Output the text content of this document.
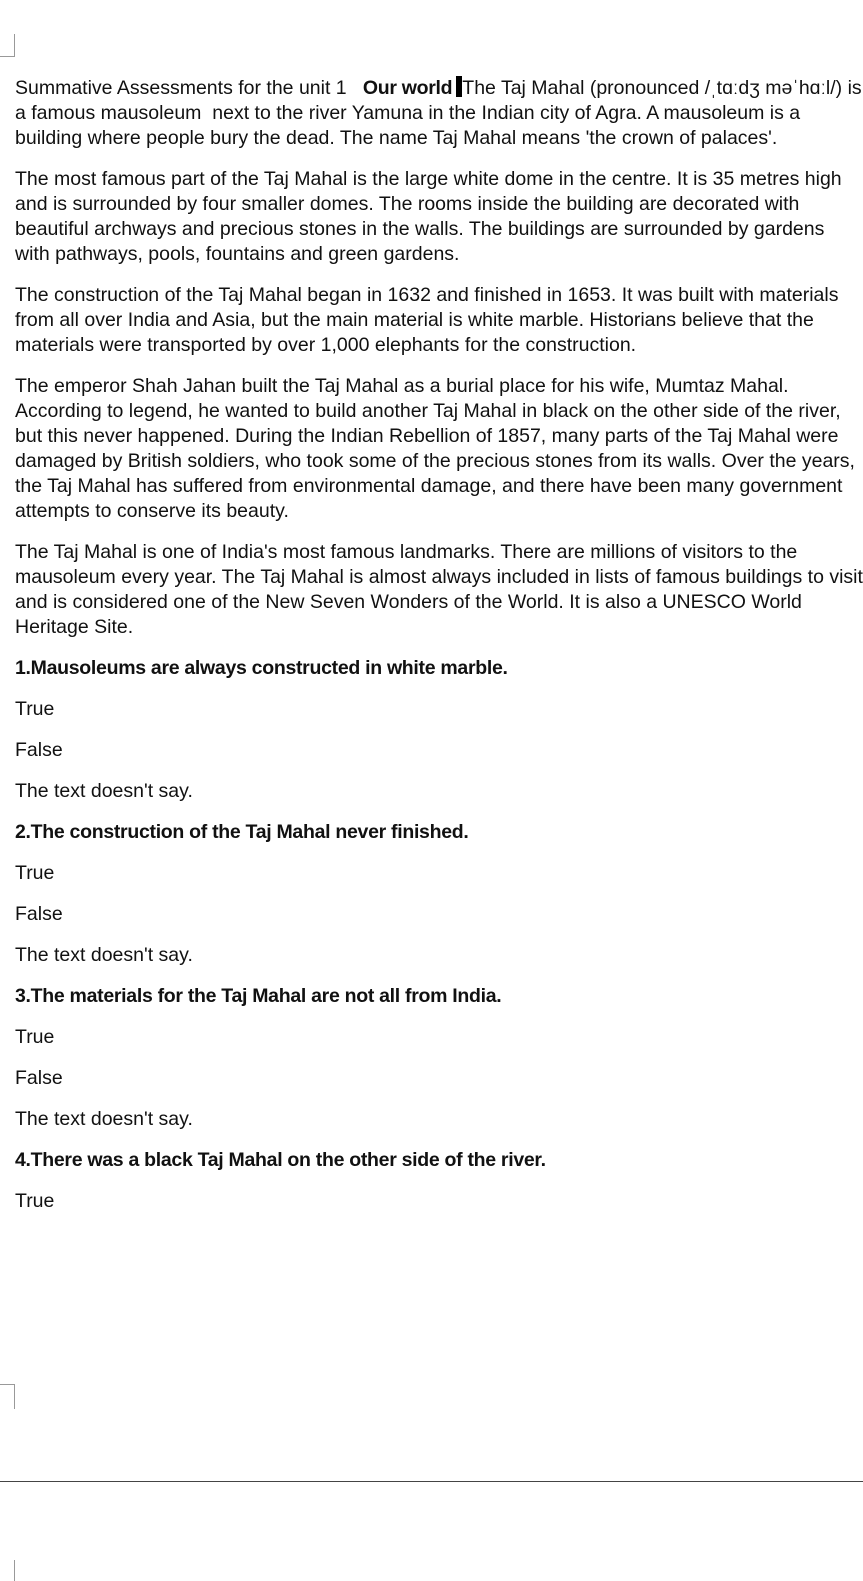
Summative Assessments for the unit 1   Our world The Taj Mahal (pronounced /ˌtɑːdʒ məˈhɑːl/) is a famous mausoleum  next to the river Yamuna in the Indian city of Agra. A mausoleum is a building where people bury the dead. The name Taj Mahal means 'the crown of palaces'.

The most famous part of the Taj Mahal is the large white dome in the centre. It is 35 metres high and is surrounded by four smaller domes. The rooms inside the building are decorated with beautiful archways and precious stones in the walls. The buildings are surrounded by gardens with pathways, pools, fountains and green gardens.

The construction of the Taj Mahal began in 1632 and finished in 1653. It was built with materials from all over India and Asia, but the main material is white marble. Historians believe that the materials were transported by over 1,000 elephants for the construction.

The emperor Shah Jahan built the Taj Mahal as a burial place for his wife, Mumtaz Mahal. According to legend, he wanted to build another Taj Mahal in black on the other side of the river, but this never happened. During the Indian Rebellion of 1857, many parts of the Taj Mahal were damaged by British soldiers, who took some of the precious stones from its walls. Over the years, the Taj Mahal has suffered from environmental damage, and there have been many government attempts to conserve its beauty.

The Taj Mahal is one of India's most famous landmarks. There are millions of visitors to the mausoleum every year. The Taj Mahal is almost always included in lists of famous buildings to visit and is considered one of the New Seven Wonders of the World. It is also a UNESCO World Heritage Site.

1.Mausoleums are always constructed in white marble.

True

False

The text doesn't say.

2.The construction of the Taj Mahal never finished.

True

False

The text doesn't say.

3.The materials for the Taj Mahal are not all from India.

True

False

The text doesn't say.

4.There was a black Taj Mahal on the other side of the river.

True
